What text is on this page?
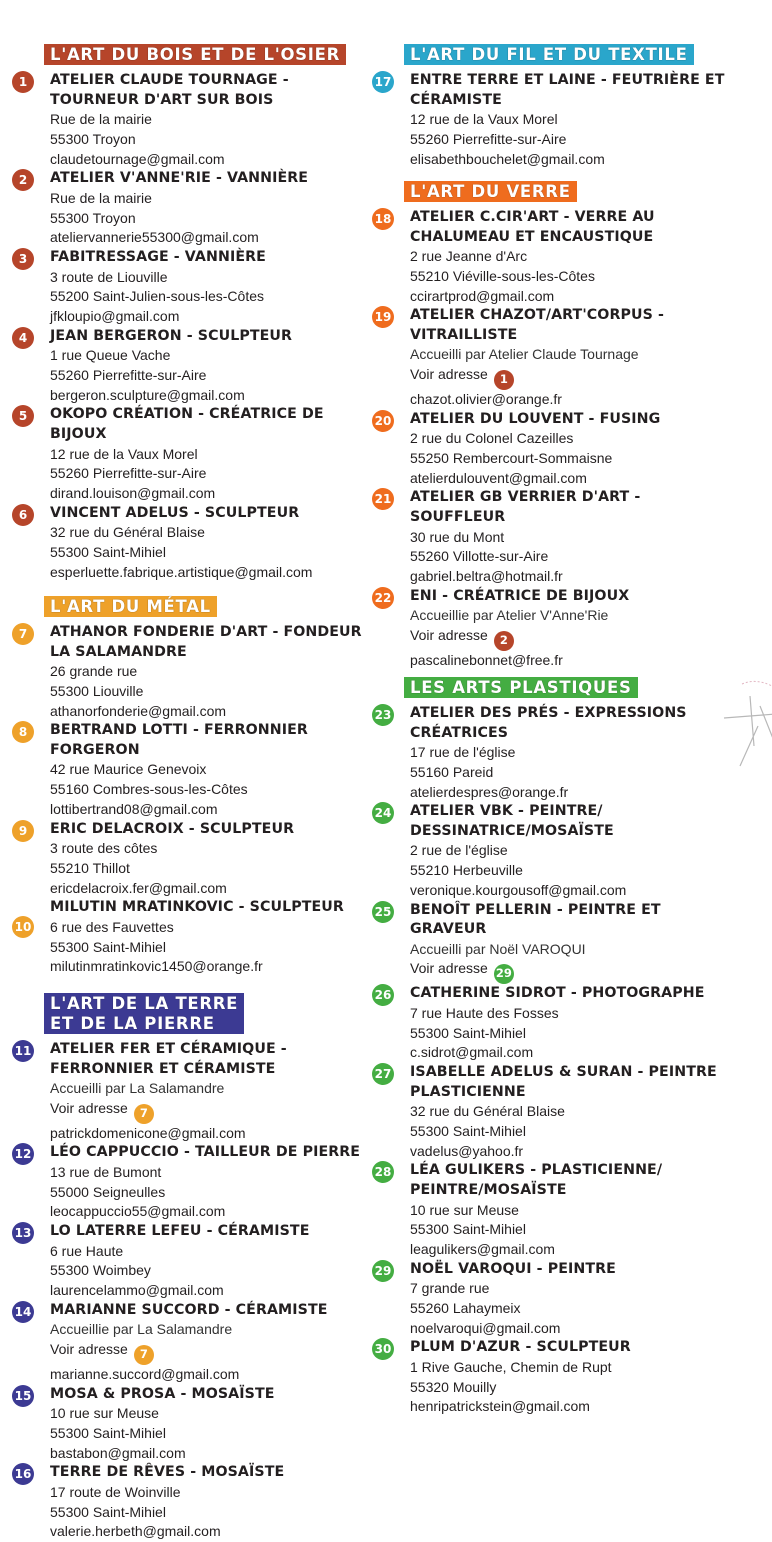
L'ART DU BOIS ET DE L'OSIER
1	ATELIER CLAUDE TOURNAGE - TOURNEUR D'ART SUR BOIS
Rue de la mairie
55300 Troyon
claudetournage@gmail.com
2	ATELIER V'ANNE'RIE - VANNIÈRE
Rue de la mairie
55300 Troyon
ateliervannerie55300@gmail.com
3	FABITRESSAGE - VANNIÈRE
3 route de Liouville
55200 Saint-Julien-sous-les-Côtes
jfkloupio@gmail.com
4	JEAN BERGERON - SCULPTEUR
1 rue Queue Vache
55260 Pierrefitte-sur-Aire
bergeron.sculpture@gmail.com
5	OKOPO CRÉATION - CRÉATRICE DE BIJOUX
12 rue de la Vaux Morel
55260 Pierrefitte-sur-Aire
dirand.louison@gmail.com
6	VINCENT ADELUS - SCULPTEUR
32 rue du Général Blaise
55300 Saint-Mihiel
esperluette.fabrique.artistique@gmail.com
L'ART DU MÉTAL
7	ATHANOR FONDERIE D'ART - FONDEUR LA SALAMANDRE
26 grande rue
55300 Liouville
athanorfonderie@gmail.com
8	BERTRAND LOTTI - FERRONNIER FORGERON
42 rue Maurice Genevoix
55160 Combres-sous-les-Côtes
lottibertrand08@gmail.com
9	ERIC DELACROIX - SCULPTEUR
3 route des côtes
55210 Thillot
ericdelacroix.fer@gmail.com
10
MILUTIN MRATINKOVIC - SCULPTEUR
6 rue des Fauvettes
55300 Saint-Mihiel
milutinmratinkovic1450@orange.fr
L'ART DE LA TERRE
ET DE LA PIERRE
11 ATELIER FER ET CÉRAMIQUE - FERRONNIER ET CÉRAMISTE
Accueilli par La Salamandre
Voir adresse 7
patrickdomenicone@gmail.com
12 LÉO CAPPUCCIO - TAILLEUR DE PIERRE
13 rue de Bumont
55000 Seigneulles
leocappuccio55@gmail.com
13 LO LATERRE LEFEU - CÉRAMISTE
6 rue Haute
55300 Woimbey
laurencelammo@gmail.com
14 MARIANNE SUCCORD - CÉRAMISTE
Accueillie par La Salamandre
Voir adresse 7
marianne.succord@gmail.com
15 MOSA & PROSA - MOSAÏSTE
10 rue sur Meuse
55300 Saint-Mihiel
bastabon@gmail.com
16 TERRE DE RÊVES - MOSAÏSTE
17 route de Woinville
55300 Saint-Mihiel
valerie.herbeth@gmail.com
L'ART DU FIL ET DU TEXTILE
17 ENTRE TERRE ET LAINE - FEUTRIÈRE ET CÉRAMISTE
12 rue de la Vaux Morel
55260 Pierrefitte-sur-Aire
elisabethbouchelet@gmail.com
L'ART DU VERRE
18 ATELIER C.CIR'ART - VERRE AU CHALUMEAU ET ENCAUSTIQUE
2 rue Jeanne d'Arc
55210 Viéville-sous-les-Côtes
ccirartprod@gmail.com
19 ATELIER CHAZOT/ART'CORPUS - VITRAILLISTE
Accueilli par Atelier Claude Tournage
Voir adresse 1
chazot.olivier@orange.fr
20 ATELIER DU LOUVENT - FUSING
2 rue du Colonel Cazeilles
55250 Rembercourt-Sommaisne
atelierdulouvent@gmail.com
21 ATELIER GB VERRIER D'ART - SOUFFLEUR
30 rue du Mont
55260 Villotte-sur-Aire
gabriel.beltra@hotmail.fr
22 ENI - CRÉATRICE DE BIJOUX
Accueillie par Atelier V'Anne'Rie
Voir adresse 2
pascalinebonnet@free.fr
LES ARTS PLASTIQUES
23 ATELIER DES PRÉS - EXPRESSIONS CRÉATRICES
17 rue de l'église
55160 Pareid
atelierdespres@orange.fr
24 ATELIER VBK - PEINTRE/ DESSINATRICE/MOSAÏSTE
2 rue de l'église
55210 Herbeuville
veronique.kourgousoff@gmail.com
25 BENOÎT PELLERIN - PEINTRE ET GRAVEUR
Accueilli par Noël VAROQUI
Voir adresse 29
26 CATHERINE SIDROT - PHOTOGRAPHE
7 rue Haute des Fosses
55300 Saint-Mihiel
c.sidrot@gmail.com
27 ISABELLE ADELUS & SURAN - PEINTRE PLASTICIENNE
32 rue du Général Blaise
55300 Saint-Mihiel
vadelus@yahoo.fr
28 LÉA GULIKERS - PLASTICIENNE/ PEINTRE/MOSAÏSTE
10 rue sur Meuse
55300 Saint-Mihiel
leagulikers@gmail.com
29 NOËL VAROQUI - PEINTRE
7 grande rue
55260 Lahaymeix
noelvaroqui@gmail.com
30 PLUM D'AZUR - SCULPTEUR
1 Rive Gauche, Chemin de Rupt
55320 Mouilly
henripatrickstein@gmail.com
